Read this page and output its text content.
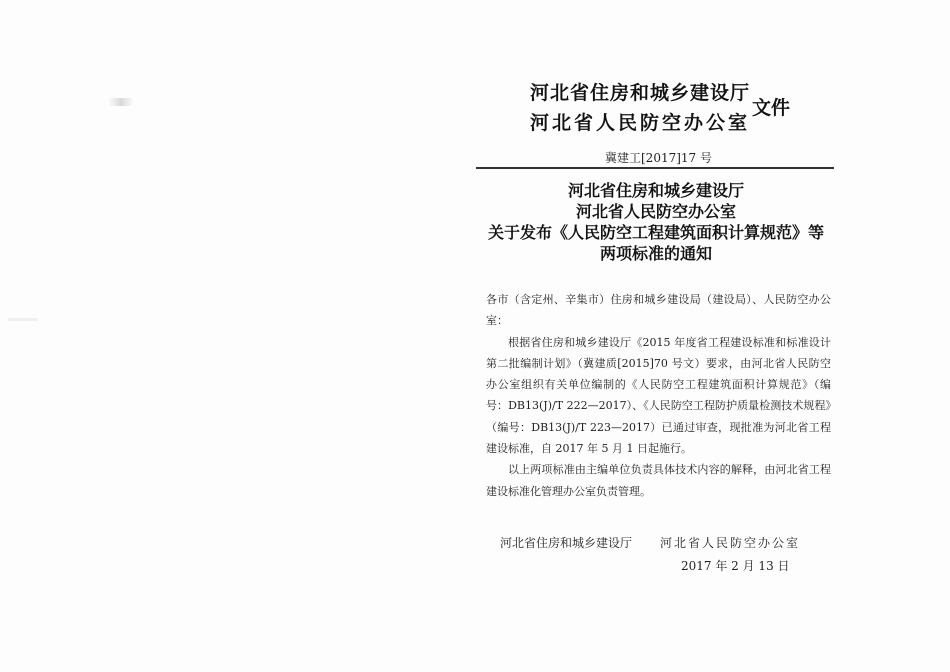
河北省住房和城乡建设厅
河北省人民防空办公室
文件
冀建工[2017]17 号
河北省住房和城乡建设厅
河北省人民防空办公室
关于发布《人民防空工程建筑面积计算规范》等
两项标准的通知

各市（含定州、辛集市）住房和城乡建设局（建设局）、人民防空办公室：

根据省住房和城乡建设厅《2015 年度省工程建设标准和标准设计第二批编制计划》（冀建质[2015]70 号文）要求，由河北省人民防空办公室组织有关单位编制的《人民防空工程建筑面积计算规范》（编号：DB13(J)/T 222—2017）、《人民防空工程防护质量检测技术规程》（编号：DB13(J)/T 223—2017）已通过审查，现批准为河北省工程建设标准，自 2017 年 5 月 1 日起施行。

以上两项标准由主编单位负责具体技术内容的解释，由河北省工程建设标准化管理办公室负责管理。

河北省住房和城乡建设厅 河北省人民防空办公室
2017 年 2 月 13 日
